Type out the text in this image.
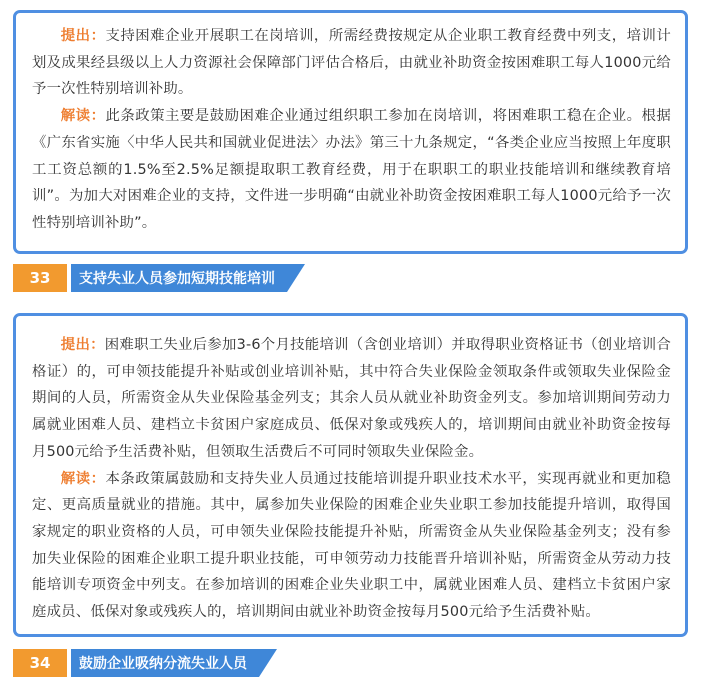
提出：支持困难企业开展职工在岗培训，所需经费按规定从企业职工教育经费中列支，培训计划及成果经县级以上人力资源社会保障部门评估合格后，由就业补助资金按困难职工每人1000元给予一次性特别培训补助。

解读：此条政策主要是鼓励困难企业通过组织职工参加在岗培训，将困难职工稳在企业。根据《广东省实施〈中华人民共和国就业促进法〉办法》第三十九条规定，“各类企业应当按照上年度职工工资总额的1.5%至2.5%足额提取职工教育经费，用于在职职工的职业技能培训和继续教育培训”。为加大对困难企业的支持，文件进一步明确“由就业补助资金按困难职工每人1000元给予一次性特别培训补助”。

33	支持失业人员参加短期技能培训

提出：困难职工失业后参加3-6个月技能培训（含创业培训）并取得职业资格证书（创业培训合格证）的，可申领技能提升补贴或创业培训补贴，其中符合失业保险金领取条件或领取失业保险金期间的人员，所需资金从失业保险基金列支；其余人员从就业补助资金列支。参加培训期间劳动力属就业困难人员、建档立卡贫困户家庭成员、低保对象或残疾人的，培训期间由就业补助资金按每月500元给予生活费补贴，但领取生活费后不可同时领取失业保险金。

解读：本条政策属鼓励和支持失业人员通过技能培训提升职业技术水平，实现再就业和更加稳定、更高质量就业的措施。其中，属参加失业保险的困难企业失业职工参加技能提升培训，取得国家规定的职业资格的人员，可申领失业保险技能提升补贴，所需资金从失业保险基金列支；没有参加失业保险的困难企业职工提升职业技能，可申领劳动力技能晋升培训补贴，所需资金从劳动力技能培训专项资金中列支。在参加培训的困难企业失业职工中，属就业困难人员、建档立卡贫困户家庭成员、低保对象或残疾人的，培训期间由就业补助资金按每月500元给予生活费补贴。

34	鼓励企业吸纳分流失业人员
